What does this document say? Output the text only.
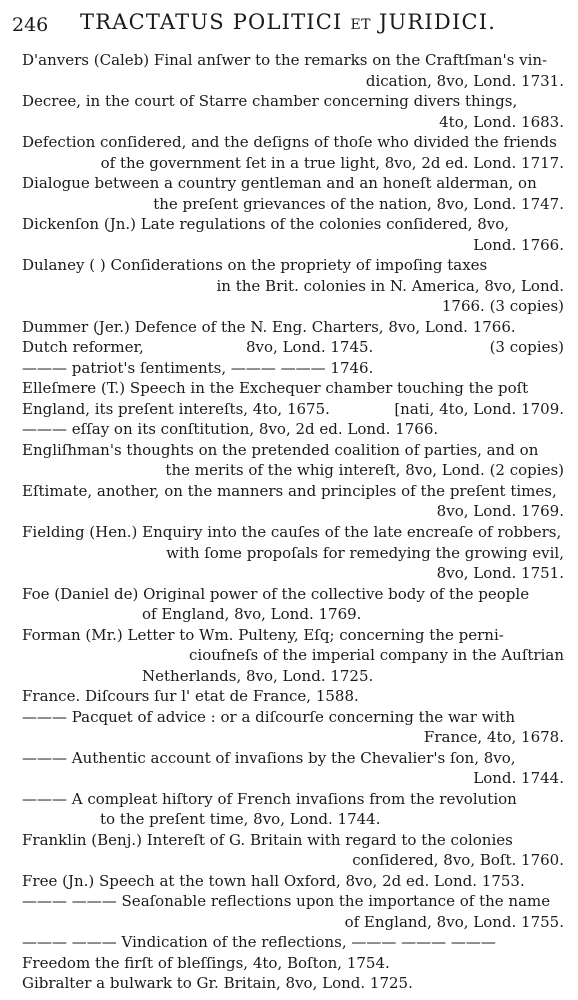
246 TRACTATUS POLITICI ET JURIDICI.
D'anvers (Caleb) Final anſwer to the remarks on the Craftſman's vin-
dication, 8vo, Lond. 1731.
Decree, in the court of Starre chamber concerning divers things,
4to, Lond. 1683.
Defection conſidered, and the deſigns of thoſe who divided the friends
of the government ſet in a true light, 8vo, 2d ed. Lond. 1717.
Dialogue between a country gentleman and an honeſt alderman, on
the preſent grievances of the nation, 8vo, Lond. 1747.
Dickenſon (Jn.) Late regulations of the colonies conſidered, 8vo,
Lond. 1766.
Dulaney ( ) Conſiderations on the propriety of impoſing taxes
in the Brit. colonies in N. America, 8vo, Lond.
1766. (3 copies)
Dummer (Jer.) Defence of the N. Eng. Charters, 8vo, Lond. 1766.
Dutch reformer,	8vo, Lond. 1745.	(3 copies)
——— patriot's ſentiments, ——— ——— 1746.
Elleſmere (T.) Speech in the Exchequer chamber touching the poſt
England, its preſent intereſts, 4to, 1675.	[nati, 4to, Lond. 1709.
——— eſſay on its conſtitution, 8vo, 2d ed. Lond. 1766.
Engliſhman's thoughts on the pretended coalition of parties, and on
the merits of the whig intereſt, 8vo, Lond. (2 copies)
Eſtimate, another, on the manners and principles of the preſent times,
8vo, Lond. 1769.
Fielding (Hen.) Enquiry into the cauſes of the late encreaſe of robbers,
with ſome propoſals for remedying the growing evil,
8vo, Lond. 1751.
Foe (Daniel de) Original power of the collective body of the people
of England, 8vo, Lond. 1769.
Forman (Mr.) Letter to Wm. Pulteny, Eſq; concerning the perni-
cioufneſs of the imperial company in the Auſtrian
Netherlands, 8vo, Lond. 1725.
France. Diſcours ſur l' etat de France, 1588.
——— Pacquet of advice : or a diſcourſe concerning the war with
France, 4to, 1678.
——— Authentic account of invaſions by the Chevalier's ſon, 8vo,
Lond. 1744.
——— A compleat hiſtory of French invaſions from the revolution
to the preſent time, 8vo, Lond. 1744.
Franklin (Benj.) Intereſt of G. Britain with regard to the colonies
conſidered, 8vo, Boſt. 1760.
Free (Jn.) Speech at the town hall Oxford, 8vo, 2d ed. Lond. 1753.
——— ——— Seaſonable reflections upon the importance of the name
of England, 8vo, Lond. 1755.
——— ——— Vindication of the reflections, ——— ——— ———
Freedom the firſt of bleſſings, 4to, Boſton, 1754.
Gibralter a bulwark to Gr. Britain, 8vo, Lond. 1725.
